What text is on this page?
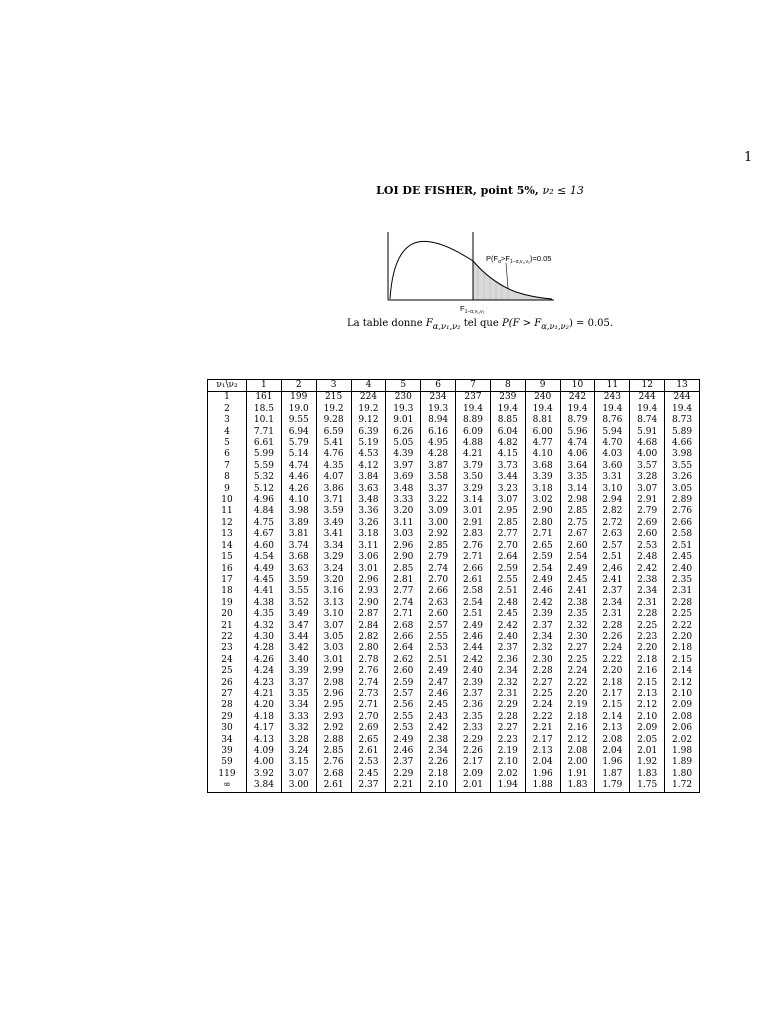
1
LOI DE FISHER, point 5%, ν₂ ≤ 13
$P(F_\alpha>F_{1-\alpha,\nu_1,\nu_2})=0.05$
$F_{1-\alpha,\nu_1,\nu_2}$
La table donne $F_{\alpha,\nu_1,\nu_2}$ tel que $P(F > F_{\alpha,\nu_1,\nu_2}) = 0.05$.
ν₁\ν₂	1	2	3	4	5	6	7	8	9	10	11	12	13
1	161	199	215	224	230	234	237	239	240	242	243	244	244
2	18.5	19.0	19.2	19.2	19.3	19.3	19.4	19.4	19.4	19.4	19.4	19.4	19.4
3	10.1	9.55	9.28	9.12	9.01	8.94	8.89	8.85	8.81	8.79	8.76	8.74	8.73
4	7.71	6.94	6.59	6.39	6.26	6.16	6.09	6.04	6.00	5.96	5.94	5.91	5.89
5	6.61	5.79	5.41	5.19	5.05	4.95	4.88	4.82	4.77	4.74	4.70	4.68	4.66
6	5.99	5.14	4.76	4.53	4.39	4.28	4.21	4.15	4.10	4.06	4.03	4.00	3.98
7	5.59	4.74	4.35	4.12	3.97	3.87	3.79	3.73	3.68	3.64	3.60	3.57	3.55
8	5.32	4.46	4.07	3.84	3.69	3.58	3.50	3.44	3.39	3.35	3.31	3.28	3.26
9	5.12	4.26	3.86	3.63	3.48	3.37	3.29	3.23	3.18	3.14	3.10	3.07	3.05
10	4.96	4.10	3.71	3.48	3.33	3.22	3.14	3.07	3.02	2.98	2.94	2.91	2.89
11	4.84	3.98	3.59	3.36	3.20	3.09	3.01	2.95	2.90	2.85	2.82	2.79	2.76
12	4.75	3.89	3.49	3.26	3.11	3.00	2.91	2.85	2.80	2.75	2.72	2.69	2.66
13	4.67	3.81	3.41	3.18	3.03	2.92	2.83	2.77	2.71	2.67	2.63	2.60	2.58
14	4.60	3.74	3.34	3.11	2.96	2.85	2.76	2.70	2.65	2.60	2.57	2.53	2.51
15	4.54	3.68	3.29	3.06	2.90	2.79	2.71	2.64	2.59	2.54	2.51	2.48	2.45
16	4.49	3.63	3.24	3.01	2.85	2.74	2.66	2.59	2.54	2.49	2.46	2.42	2.40
17	4.45	3.59	3.20	2.96	2.81	2.70	2.61	2.55	2.49	2.45	2.41	2.38	2.35
18	4.41	3.55	3.16	2.93	2.77	2.66	2.58	2.51	2.46	2.41	2.37	2.34	2.31
19	4.38	3.52	3.13	2.90	2.74	2.63	2.54	2.48	2.42	2.38	2.34	2.31	2.28
20	4.35	3.49	3.10	2.87	2.71	2.60	2.51	2.45	2.39	2.35	2.31	2.28	2.25
21	4.32	3.47	3.07	2.84	2.68	2.57	2.49	2.42	2.37	2.32	2.28	2.25	2.22
22	4.30	3.44	3.05	2.82	2.66	2.55	2.46	2.40	2.34	2.30	2.26	2.23	2.20
23	4.28	3.42	3.03	2.80	2.64	2.53	2.44	2.37	2.32	2.27	2.24	2.20	2.18
24	4.26	3.40	3.01	2.78	2.62	2.51	2.42	2.36	2.30	2.25	2.22	2.18	2.15
25	4.24	3.39	2.99	2.76	2.60	2.49	2.40	2.34	2.28	2.24	2.20	2.16	2.14
26	4.23	3.37	2.98	2.74	2.59	2.47	2.39	2.32	2.27	2.22	2.18	2.15	2.12
27	4.21	3.35	2.96	2.73	2.57	2.46	2.37	2.31	2.25	2.20	2.17	2.13	2.10
28	4.20	3.34	2.95	2.71	2.56	2.45	2.36	2.29	2.24	2.19	2.15	2.12	2.09
29	4.18	3.33	2.93	2.70	2.55	2.43	2.35	2.28	2.22	2.18	2.14	2.10	2.08
30	4.17	3.32	2.92	2.69	2.53	2.42	2.33	2.27	2.21	2.16	2.13	2.09	2.06
34	4.13	3.28	2.88	2.65	2.49	2.38	2.29	2.23	2.17	2.12	2.08	2.05	2.02
39	4.09	3.24	2.85	2.61	2.46	2.34	2.26	2.19	2.13	2.08	2.04	2.01	1.98
59	4.00	3.15	2.76	2.53	2.37	2.26	2.17	2.10	2.04	2.00	1.96	1.92	1.89
119	3.92	3.07	2.68	2.45	2.29	2.18	2.09	2.02	1.96	1.91	1.87	1.83	1.80
∞	3.84	3.00	2.61	2.37	2.21	2.10	2.01	1.94	1.88	1.83	1.79	1.75	1.72
